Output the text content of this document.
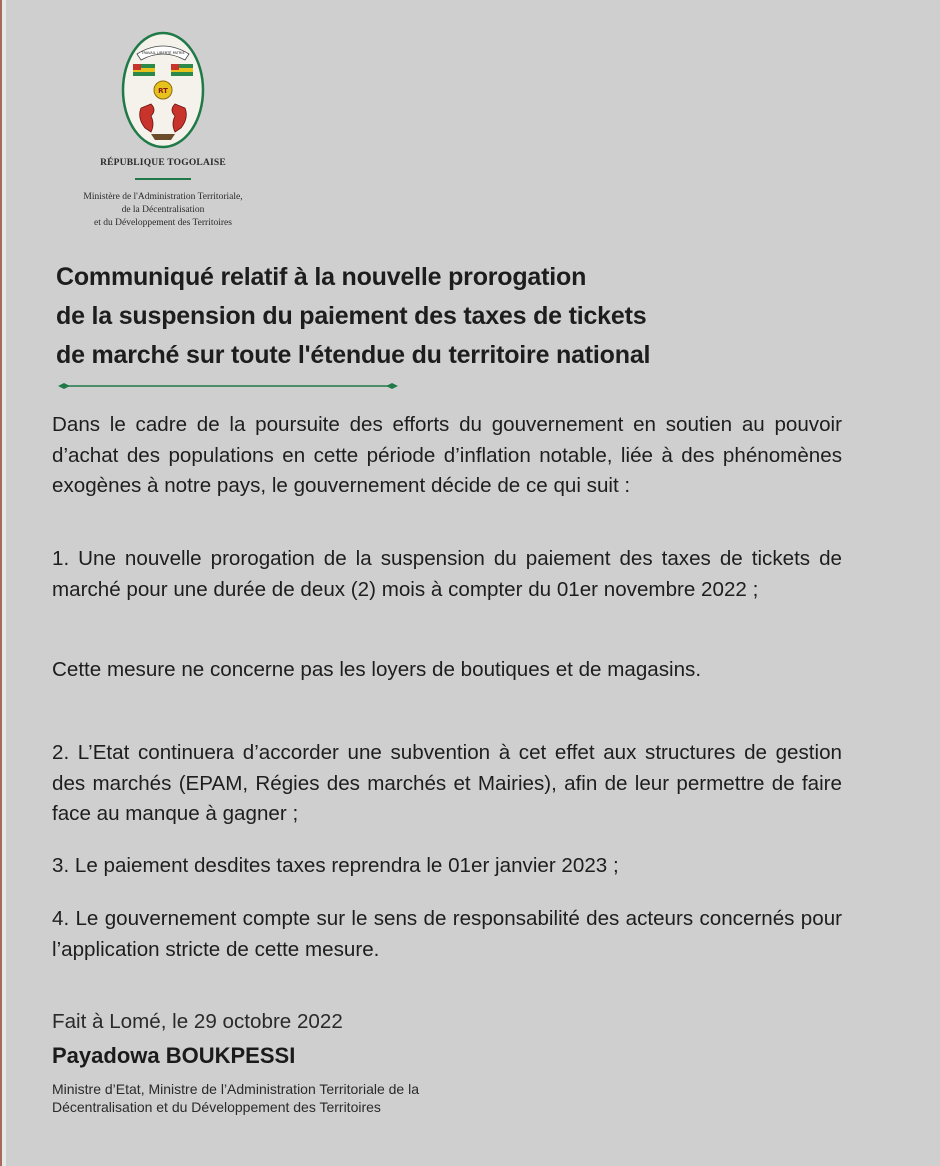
TRAVAIL LIBERTÉ PATRIE
RT
RÉPUBLIQUE TOGOLAISE
Ministère de l'Administration Territoriale,
de la Décentralisation
et du Développement des Territoires
Communiqué relatif à la nouvelle prorogation
de la suspension du paiement des taxes de tickets
de marché sur toute l'étendue du territoire national

Dans le cadre de la poursuite des efforts du gouvernement en soutien au pouvoir d’achat des populations en cette période d’inflation notable, liée à des phénomènes exogènes à notre pays, le gouvernement décide de ce qui suit :

1. Une nouvelle prorogation de la suspension du paiement des taxes de tickets de marché pour une durée de deux (2) mois à compter du 01er novembre 2022 ;

Cette mesure ne concerne pas les loyers de boutiques et de magasins.

2. L’Etat continuera d’accorder une subvention à cet effet aux structures de gestion des marchés (EPAM, Régies des marchés et Mairies), afin de leur permettre de faire face au manque à gagner ;

3. Le paiement desdites taxes reprendra le 01er janvier 2023 ;

4. Le gouvernement compte sur le sens de responsabilité des acteurs concernés pour l’application stricte de cette mesure.

Fait à Lomé, le 29 octobre 2022
Payadowa BOUKPESSI
Ministre d’Etat, Ministre de l’Administration Territoriale de la
Décentralisation et du Développement des Territoires
